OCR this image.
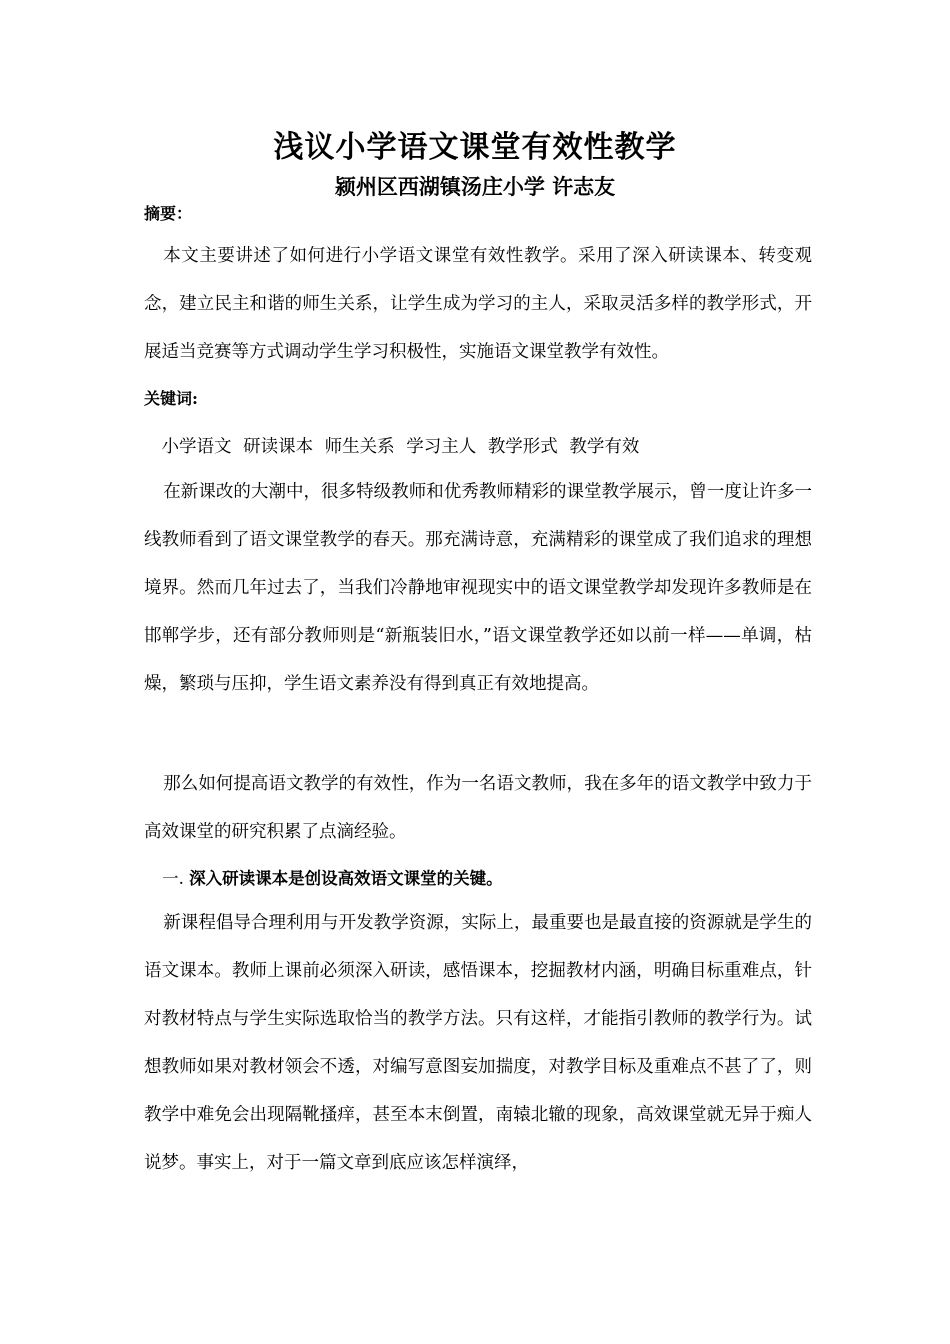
浅议小学语文课堂有效性教学
颍州区西湖镇汤庄小学 许志友
摘要：

本文主要讲述了如何进行小学语文课堂有效性教学。采用了深入研读课本、转变观念，建立民主和谐的师生关系，让学生成为学习的主人，采取灵活多样的教学形式，开展适当竞赛等方式调动学生学习积极性，实施语文课堂教学有效性。

关键词:
小学语文 研读课本 师生关系 学习主人 教学形式 教学有效

在新课改的大潮中，很多特级教师和优秀教师精彩的课堂教学展示，曾一度让许多一线教师看到了语文课堂教学的春天。那充满诗意，充满精彩的课堂成了我们追求的理想境界。然而几年过去了，当我们冷静地审视现实中的语文课堂教学却发现许多教师是在邯郸学步，还有部分教师则是“新瓶装旧水，”语文课堂教学还如以前一样——单调，枯燥，繁琐与压抑，学生语文素养没有得到真正有效地提高。

那么如何提高语文教学的有效性，作为一名语文教师，我在多年的语文教学中致力于高效课堂的研究积累了点滴经验。

一. 深入研读课本是创设高效语文课堂的关键。

新课程倡导合理利用与开发教学资源，实际上，最重要也是最直接的资源就是学生的语文课本。教师上课前必须深入研读，感悟课本，挖掘教材内涵，明确目标重难点，针对教材特点与学生实际选取恰当的教学方法。只有这样，才能指引教师的教学行为。试想教师如果对教材领会不透，对编写意图妄加揣度，对教学目标及重难点不甚了了，则教学中难免会出现隔靴搔痒，甚至本末倒置，南辕北辙的现象，高效课堂就无异于痴人说梦。事实上，对于一篇文章到底应该怎样演绎，
